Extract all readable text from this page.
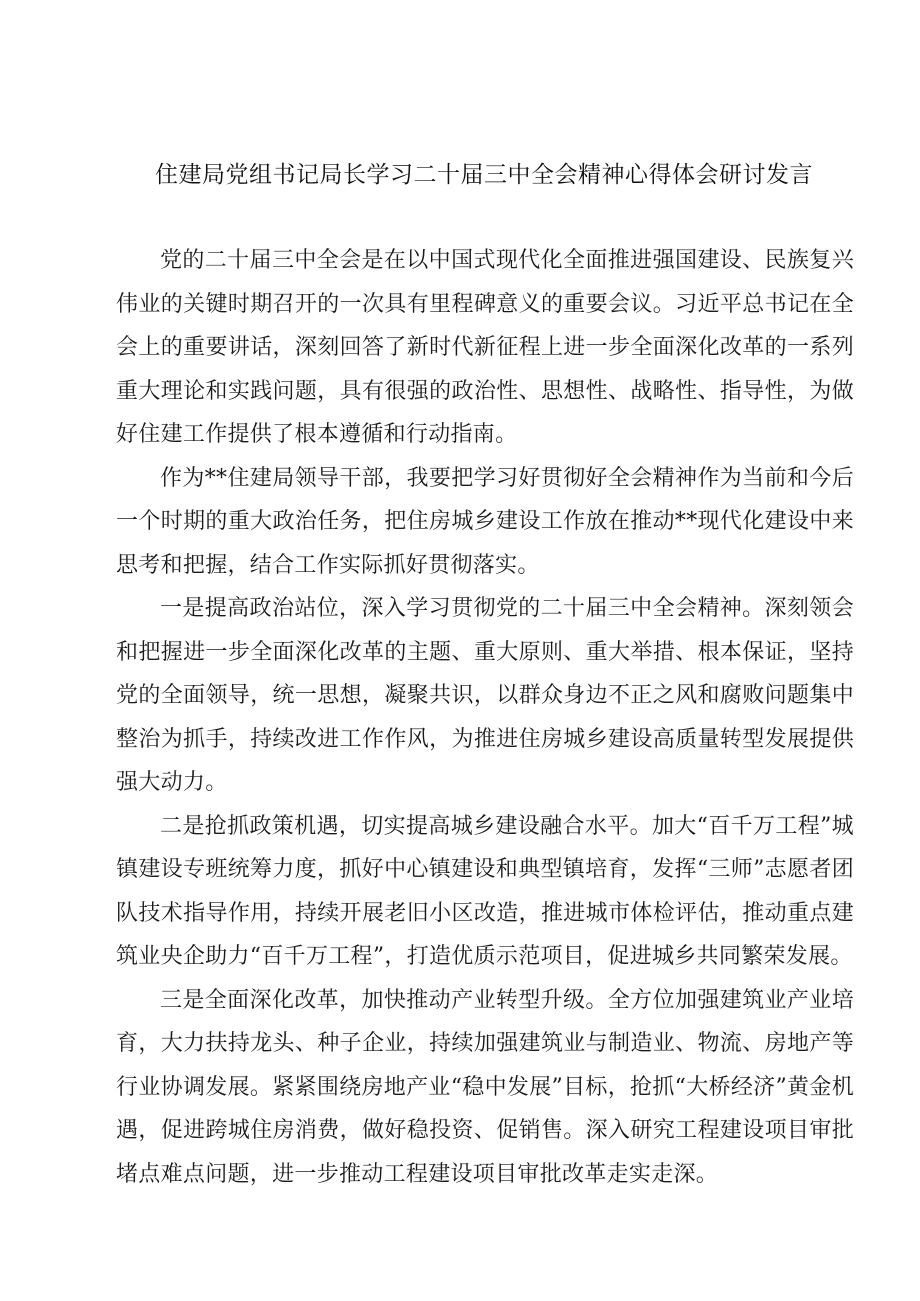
住建局党组书记局长学习二十届三中全会精神心得体会研讨发言

党的二十届三中全会是在以中国式现代化全面推进强国建设、民族复兴伟业的关键时期召开的一次具有里程碑意义的重要会议。习近平总书记在全会上的重要讲话，深刻回答了新时代新征程上进一步全面深化改革的一系列重大理论和实践问题，具有很强的政治性、思想性、战略性、指导性，为做好住建工作提供了根本遵循和行动指南。

作为**住建局领导干部，我要把学习好贯彻好全会精神作为当前和今后一个时期的重大政治任务，把住房城乡建设工作放在推动**现代化建设中来思考和把握，结合工作实际抓好贯彻落实。

一是提高政治站位，深入学习贯彻党的二十届三中全会精神。深刻领会和把握进一步全面深化改革的主题、重大原则、重大举措、根本保证，坚持党的全面领导，统一思想，凝聚共识，以群众身边不正之风和腐败问题集中整治为抓手，持续改进工作作风，为推进住房城乡建设高质量转型发展提供强大动力。

二是抢抓政策机遇，切实提高城乡建设融合水平。加大“百千万工程”城镇建设专班统筹力度，抓好中心镇建设和典型镇培育，发挥“三师”志愿者团队技术指导作用，持续开展老旧小区改造，推进城市体检评估，推动重点建筑业央企助力“百千万工程”，打造优质示范项目，促进城乡共同繁荣发展。

三是全面深化改革，加快推动产业转型升级。全方位加强建筑业产业培育，大力扶持龙头、种子企业，持续加强建筑业与制造业、物流、房地产等行业协调发展。紧紧围绕房地产业“稳中发展”目标，抢抓“大桥经济”黄金机遇，促进跨城住房消费，做好稳投资、促销售。深入研究工程建设项目审批堵点难点问题，进一步推动工程建设项目审批改革走实走深。
